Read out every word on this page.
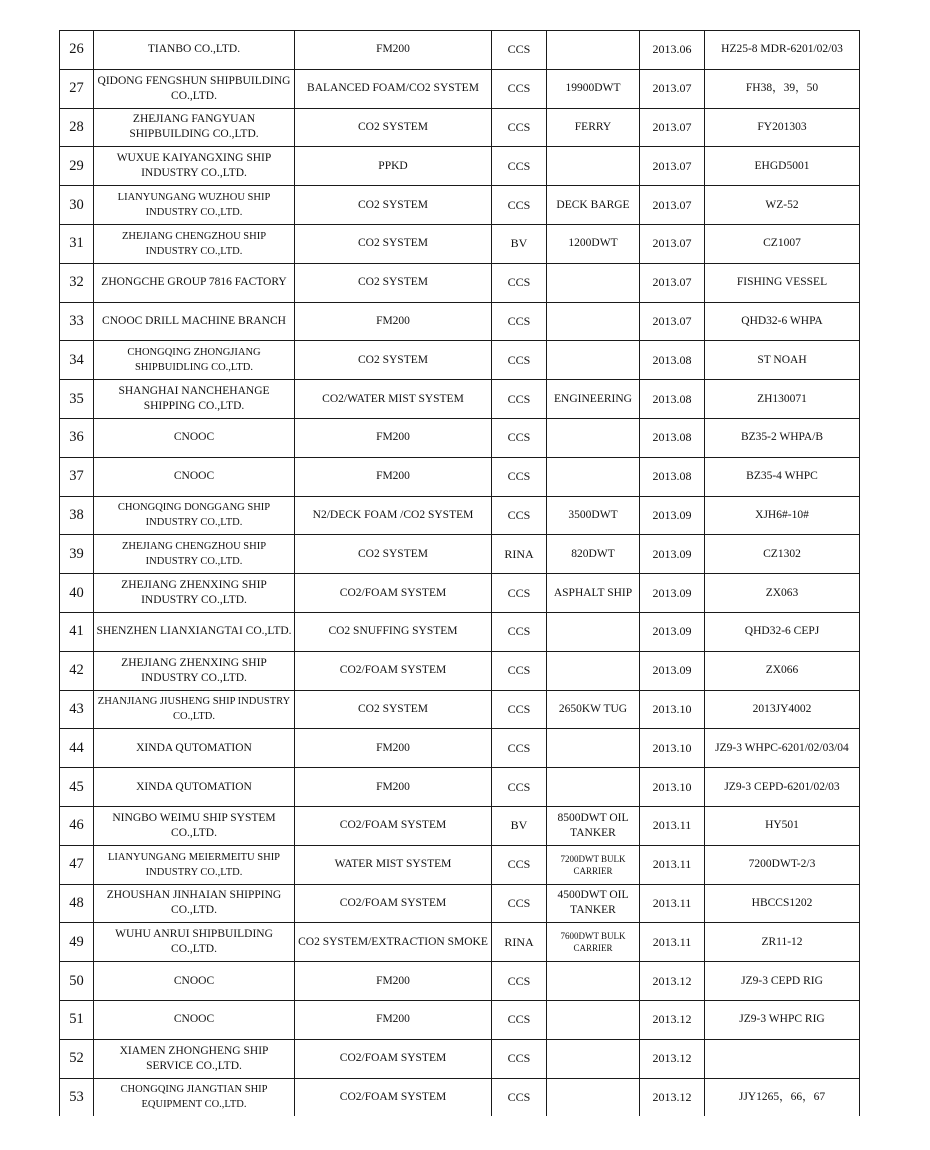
26	TIANBO CO.,LTD.	FM200	CCS		2013.06	HZ25-8 MDR-6201/02/03
27	QIDONG FENGSHUN SHIPBUILDING CO.,LTD.	BALANCED FOAM/CO2 SYSTEM	CCS	19900DWT	2013.07	FH38，39，50
28	ZHEJIANG FANGYUAN SHIPBUILDING CO.,LTD.	CO2 SYSTEM	CCS	FERRY	2013.07	FY201303
29	WUXUE KAIYANGXING SHIP INDUSTRY CO.,LTD.	PPKD	CCS		2013.07	EHGD5001
30	LIANYUNGANG WUZHOU SHIP INDUSTRY CO.,LTD.	CO2 SYSTEM	CCS	DECK BARGE	2013.07	WZ-52
31	ZHEJIANG CHENGZHOU SHIP INDUSTRY CO.,LTD.	CO2 SYSTEM	BV	1200DWT	2013.07	CZ1007
32	ZHONGCHE GROUP 7816 FACTORY	CO2 SYSTEM	CCS		2013.07	FISHING VESSEL
33	CNOOC DRILL MACHINE BRANCH	FM200	CCS		2013.07	QHD32-6 WHPA
34	CHONGQING ZHONGJIANG SHIPBUIDLING CO.,LTD.	CO2 SYSTEM	CCS		2013.08	ST NOAH
35	SHANGHAI NANCHEHANGE SHIPPING CO.,LTD.	CO2/WATER MIST SYSTEM	CCS	ENGINEERING	2013.08	ZH130071
36	CNOOC	FM200	CCS		2013.08	BZ35-2 WHPA/B
37	CNOOC	FM200	CCS		2013.08	BZ35-4 WHPC
38	CHONGQING DONGGANG SHIP INDUSTRY CO.,LTD.	N2/DECK FOAM /CO2 SYSTEM	CCS	3500DWT	2013.09	XJH6#-10#
39	ZHEJIANG CHENGZHOU SHIP INDUSTRY CO.,LTD.	CO2 SYSTEM	RINA	820DWT	2013.09	CZ1302
40	ZHEJIANG ZHENXING SHIP INDUSTRY CO.,LTD.	CO2/FOAM SYSTEM	CCS	ASPHALT SHIP	2013.09	ZX063
41	SHENZHEN LIANXIANGTAI CO.,LTD.	CO2 SNUFFING SYSTEM	CCS		2013.09	QHD32-6 CEPJ
42	ZHEJIANG ZHENXING SHIP INDUSTRY CO.,LTD.	CO2/FOAM SYSTEM	CCS		2013.09	ZX066
43	ZHANJIANG JIUSHENG SHIP INDUSTRY CO.,LTD.	CO2 SYSTEM	CCS	2650KW TUG	2013.10	2013JY4002
44	XINDA QUTOMATION	FM200	CCS		2013.10	JZ9-3 WHPC-6201/02/03/04
45	XINDA QUTOMATION	FM200	CCS		2013.10	JZ9-3 CEPD-6201/02/03
46	NINGBO WEIMU SHIP SYSTEM CO.,LTD.	CO2/FOAM SYSTEM	BV	8500DWT OIL TANKER	2013.11	HY501
47	LIANYUNGANG MEIERMEITU SHIP INDUSTRY CO.,LTD.	WATER MIST SYSTEM	CCS	7200DWT BULK CARRIER	2013.11	7200DWT-2/3
48	ZHOUSHAN JINHAIAN SHIPPING CO.,LTD.	CO2/FOAM SYSTEM	CCS	4500DWT OIL TANKER	2013.11	HBCCS1202
49	WUHU ANRUI SHIPBUILDING CO.,LTD.	CO2 SYSTEM/EXTRACTION SMOKE	RINA	7600DWT BULK CARRIER	2013.11	ZR11-12
50	CNOOC	FM200	CCS		2013.12	JZ9-3 CEPD RIG
51	CNOOC	FM200	CCS		2013.12	JZ9-3 WHPC RIG
52	XIAMEN ZHONGHENG SHIP SERVICE CO.,LTD.	CO2/FOAM SYSTEM	CCS		2013.12	
53	CHONGQING JIANGTIAN SHIP EQUIPMENT CO.,LTD.	CO2/FOAM SYSTEM	CCS		2013.12	JJY1265，66，67
